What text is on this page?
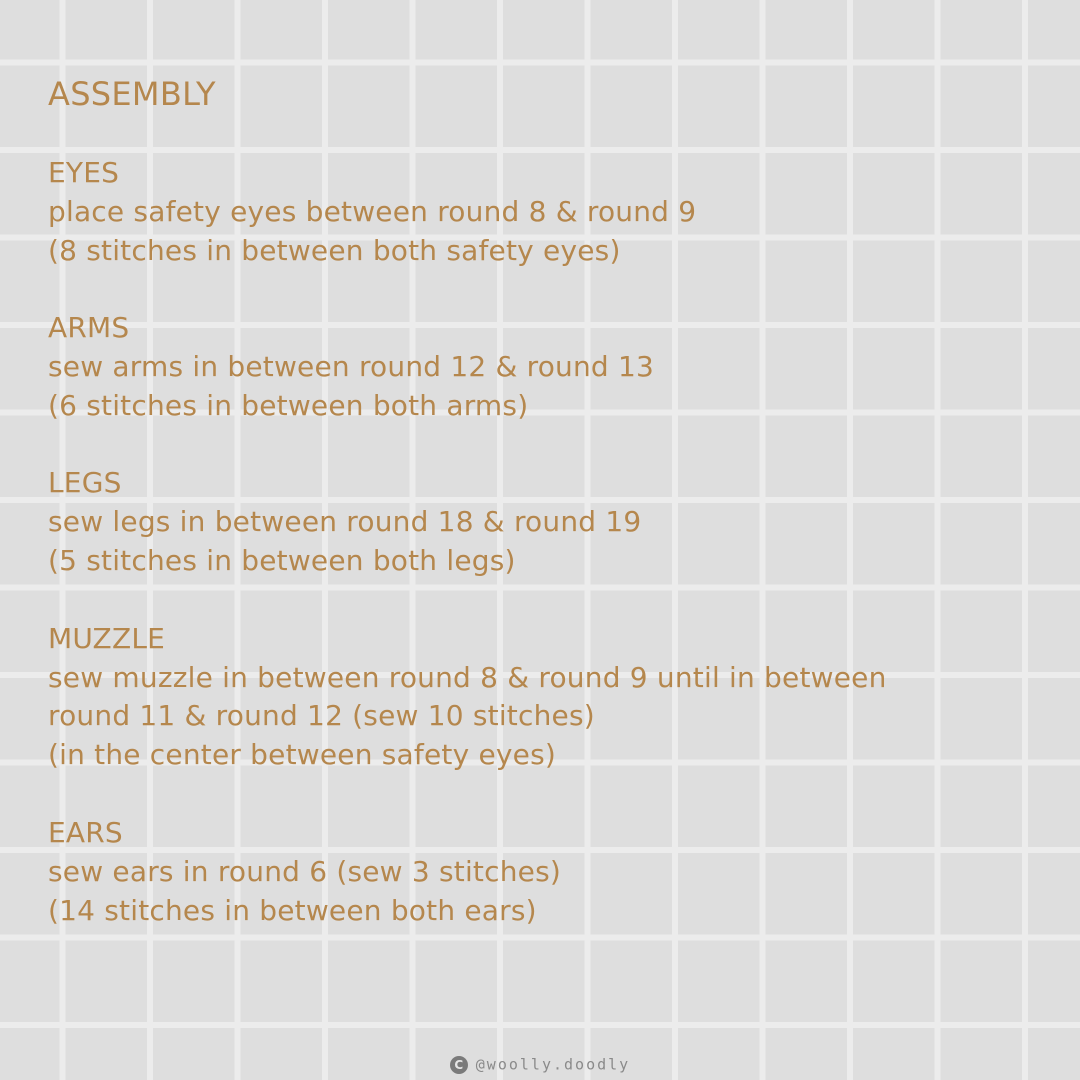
ASSEMBLY
EYES
place safety eyes between round 8 & round 9
(8 stitches in between both safety eyes)
ARMS
sew arms in between round 12 & round 13
(6 stitches in between both arms)
LEGS
sew legs in between round 18 & round 19
(5 stitches in between both legs)
MUZZLE
sew muzzle in between round 8 & round 9 until in between
round 11 & round 12 (sew 10 stitches)
(in the center between safety eyes)
EARS
sew ears in round 6 (sew 3 stitches)
(14 stitches in between both ears)
C @woolly.doodly
